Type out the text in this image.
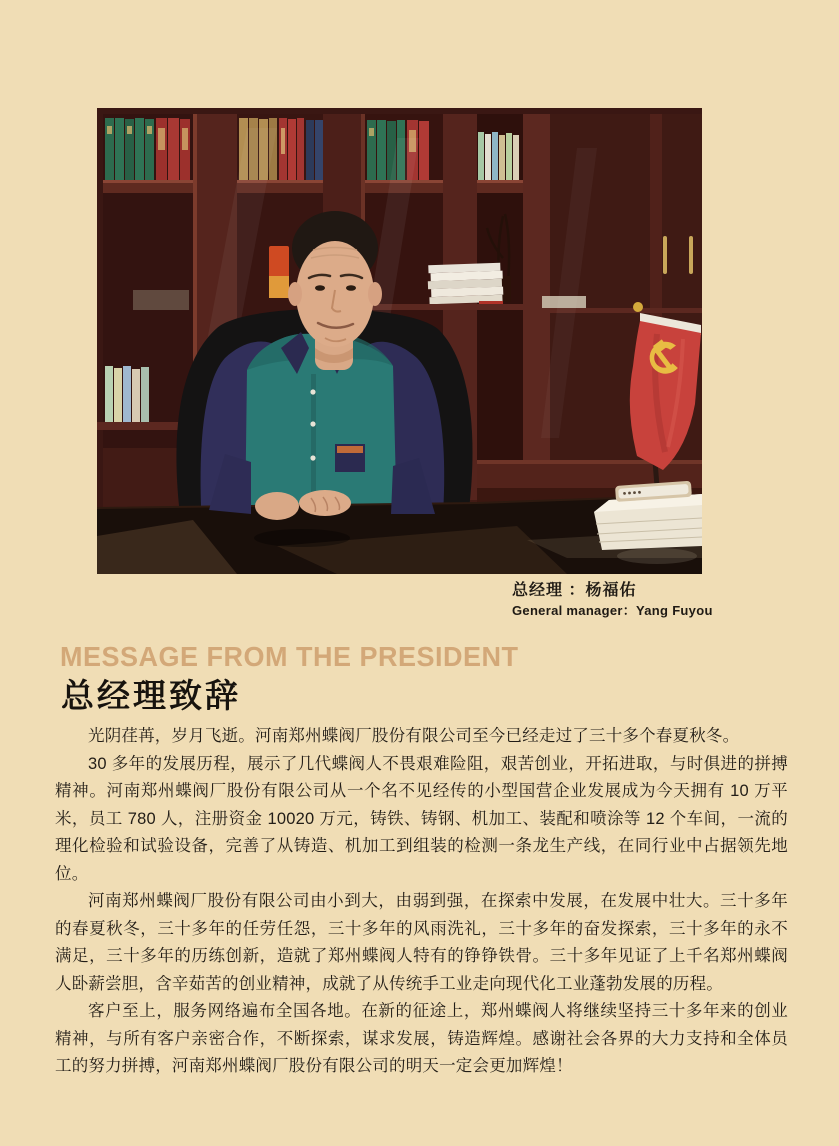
总经理 ：杨福佑
General manager：Yang Fuyou
MESSAGE FROM THE PRESIDENT
总经理致辞

光阴荏苒，岁月飞逝。河南郑州蝶阀厂股份有限公司至今已经走过了三十多个春夏秋冬。

30 多年的发展历程，展示了几代蝶阀人不畏艰难险阻，艰苦创业，开拓进取，与时俱进的拼搏精神。河南郑州蝶阀厂股份有限公司从一个名不见经传的小型国营企业发展成为今天拥有 10 万平米，员工 780 人，注册资金 10020 万元，铸铁、铸钢、机加工、装配和喷涂等 12 个车间，一流的理化检验和试验设备，完善了从铸造、机加工到组装的检测一条龙生产线，在同行业中占据领先地位。

河南郑州蝶阀厂股份有限公司由小到大，由弱到强，在探索中发展，在发展中壮大。三十多年的春夏秋冬，三十多年的任劳任怨，三十多年的风雨洗礼，三十多年的奋发探索，三十多年的永不满足，三十多年的历练创新，造就了郑州蝶阀人特有的铮铮铁骨。三十多年见证了上千名郑州蝶阀人卧薪尝胆，含辛茹苦的创业精神，成就了从传统手工业走向现代化工业蓬勃发展的历程。

客户至上，服务网络遍布全国各地。在新的征途上，郑州蝶阀人将继续坚持三十多年来的创业精神，与所有客户亲密合作，不断探索，谋求发展，铸造辉煌。感谢社会各界的大力支持和全体员工的努力拼搏，河南郑州蝶阀厂股份有限公司的明天一定会更加辉煌！
